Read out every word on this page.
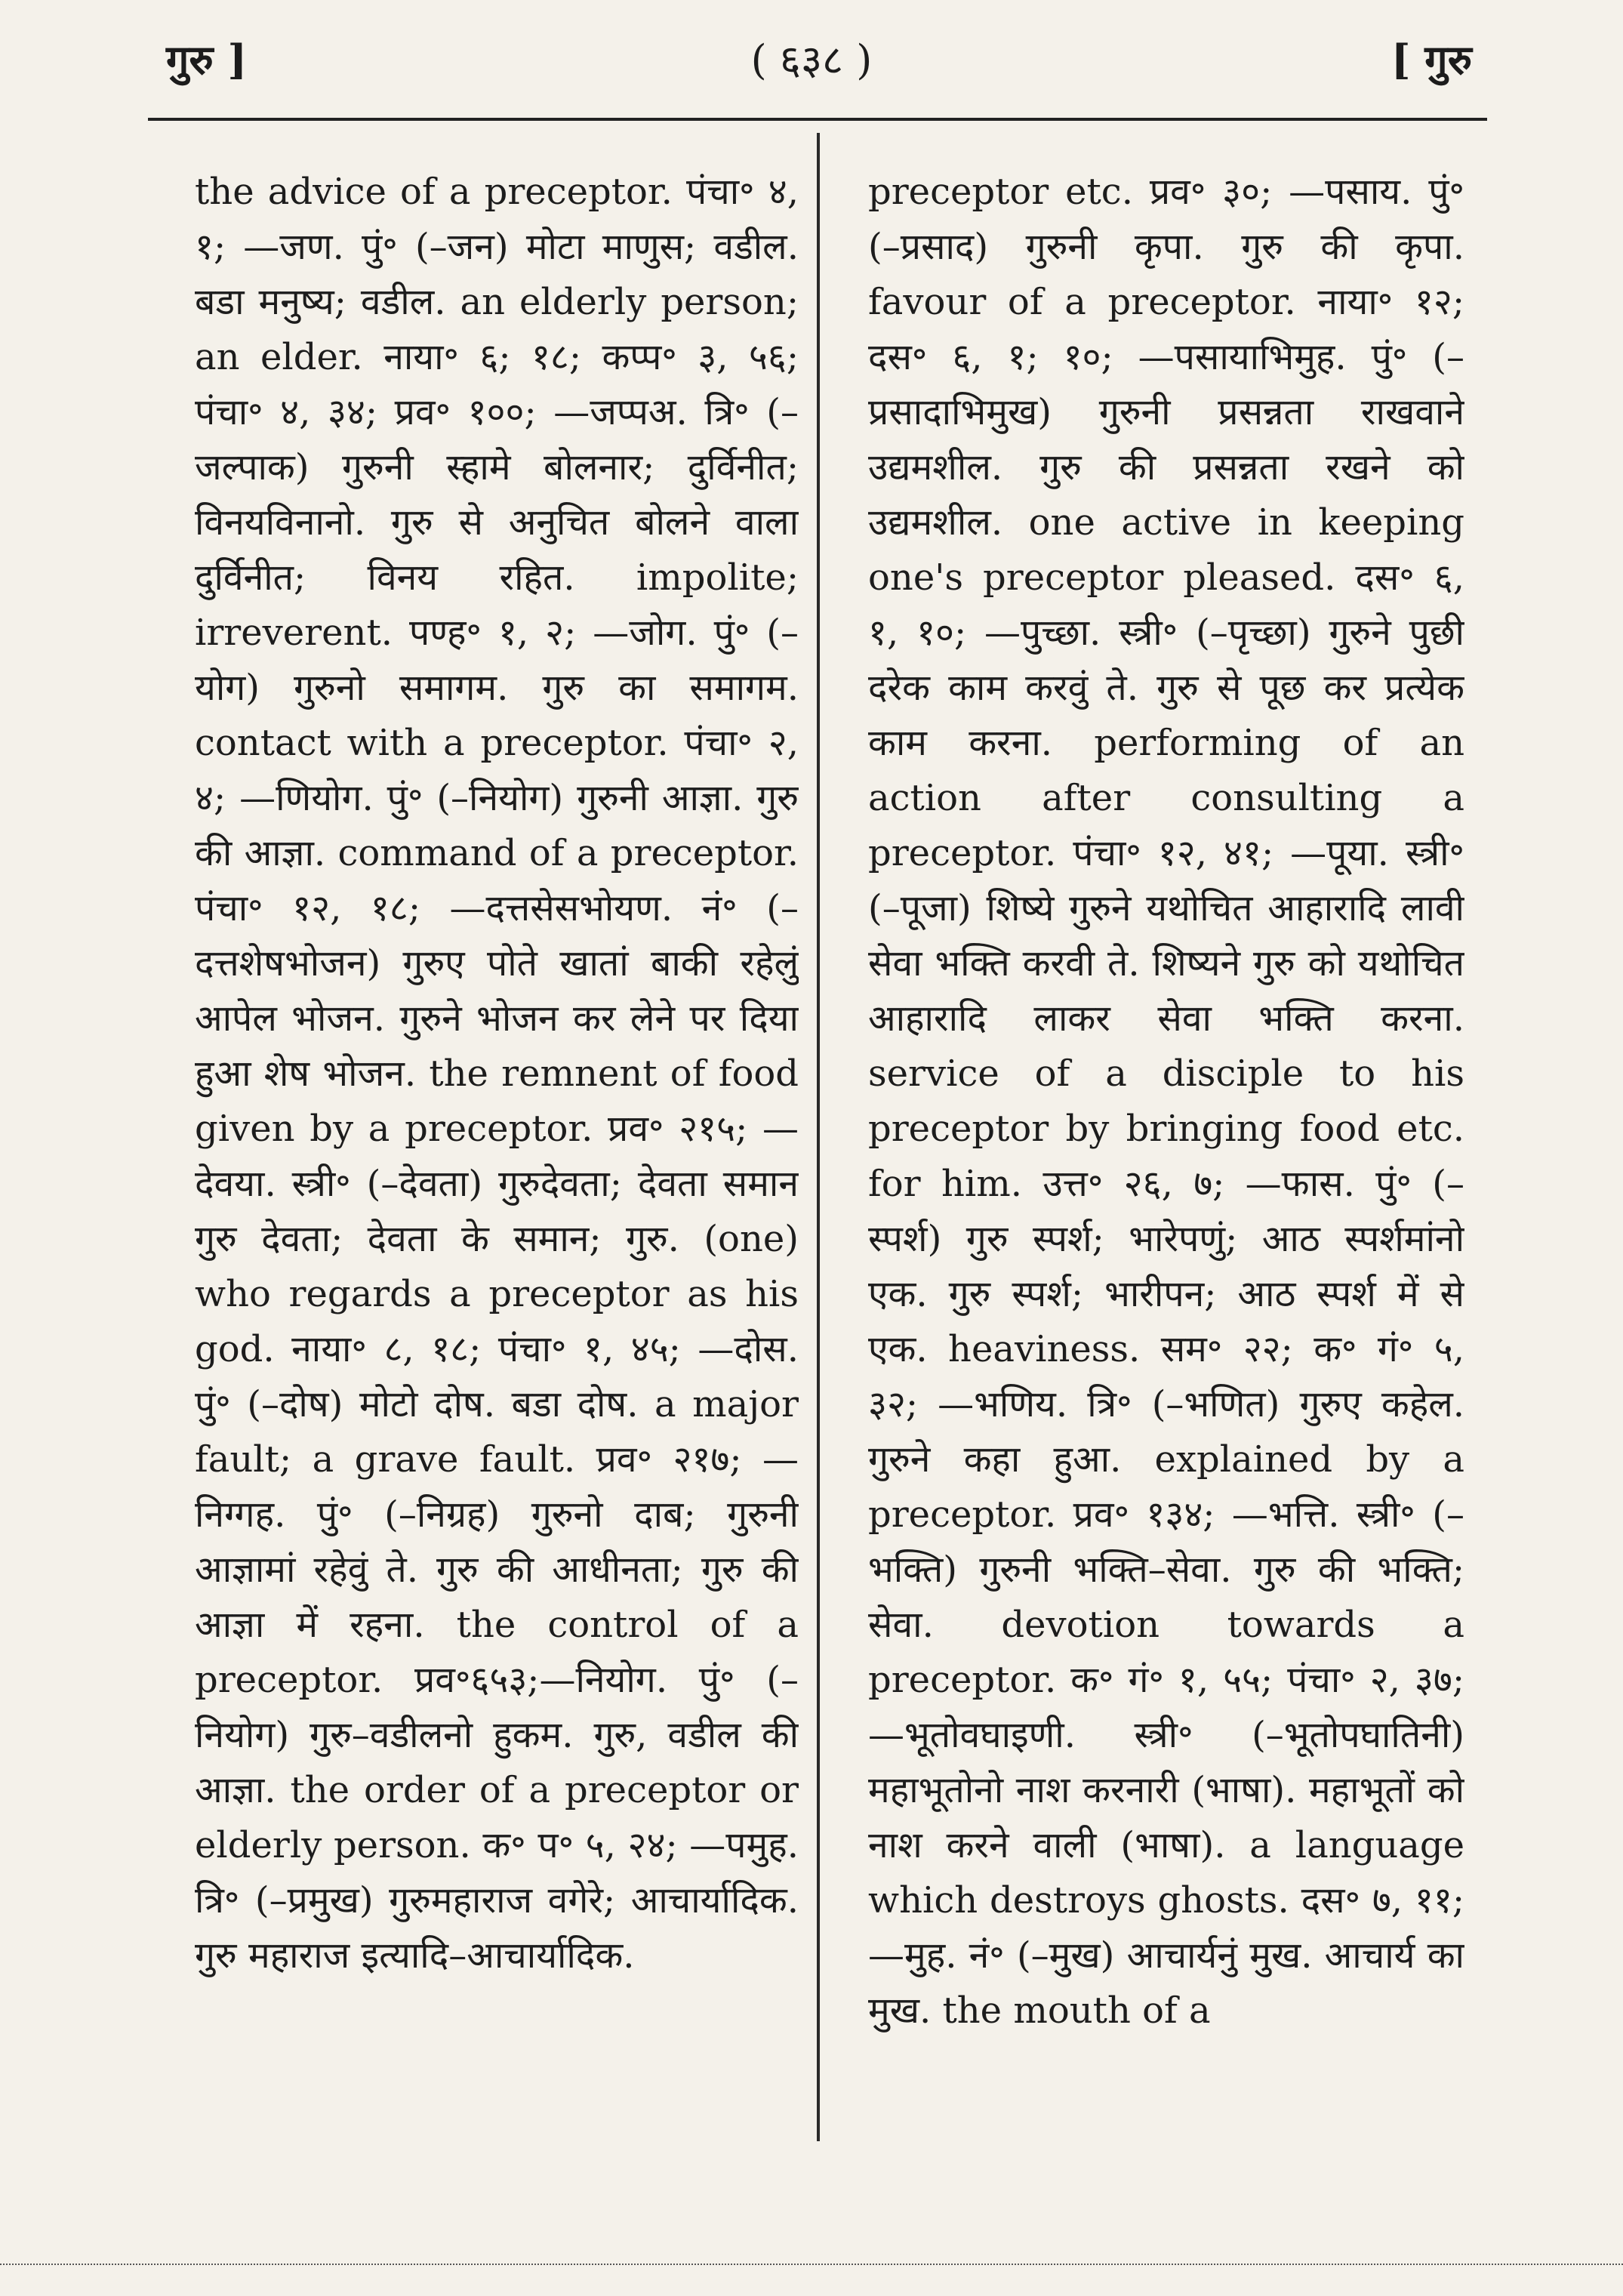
गुरु ]	( ६३८ )	[ गुरु

the advice of a preceptor. पंचा॰ ४, १; —जण. पुं॰ (–जन) मोटा माणुस; वडील. बडा मनुष्य; वडील. an elderly person; an elder. नाया॰ ६; १८; कप्प॰ ३, ५६; पंचा॰ ४, ३४; प्रव॰ १००; —जप्पअ. त्रि॰ (–जल्पाक) गुरुनी स्हामे बोलनार; दुर्विनीत; विनयविनानो. गुरु से अनुचित बोलने वाला दुर्विनीत; विनय रहित. impolite; irreverent. पण्ह॰ १, २; —जोग. पुं॰ (–योग) गुरुनो समागम. गुरु का समागम. contact with a preceptor. पंचा॰ २, ४; —णियोग. पुं॰ (–नियोग) गुरुनी आज्ञा. गुरु की आज्ञा. command of a preceptor. पंचा॰ १२, १८; —दत्तसेसभोयण. नं॰ (–दत्तशेषभोजन) गुरुए पोते खातां बाकी रहेलुं आपेल भोजन. गुरुने भोजन कर लेने पर दिया हुआ शेष भोजन. the remnent of food given by a preceptor. प्रव॰ २१५; —देवया. स्त्री॰ (–देवता) गुरुदेवता; देवता समान गुरु देवता; देवता के समान; गुरु. (one) who regards a preceptor as his god. नाया॰ ८, १८; पंचा॰ १, ४५; —दोस. पुं॰ (–दोष) मोटो दोष. बडा दोष. a major fault; a grave fault. प्रव॰ २१७; —निग्गह. पुं॰ (–निग्रह) गुरुनो दाब; गुरुनी आज्ञामां रहेवुं ते. गुरु की आधीनता; गुरु की आज्ञा में रहना. the control of a preceptor. प्रव॰६५३;—नियोग. पुं॰ (–नियोग) गुरु–वडीलनो हुकम. गुरु, वडील की आज्ञा. the order of a preceptor or elderly person. क॰ प॰ ५, २४; —पमुह. त्रि॰ (–प्रमुख) गुरुमहाराज वगेरे; आचार्यादिक. गुरु महाराज इत्यादि–आचार्यादिक.

preceptor etc. प्रव॰ ३०; —पसाय. पुं॰ (–प्रसाद) गुरुनी कृपा. गुरु की कृपा. favour of a preceptor. नाया॰ १२; दस॰ ६, १; १०; —पसायाभिमुह. पुं॰ (–प्रसादाभिमुख) गुरुनी प्रसन्नता राखवाने उद्यमशील. गुरु की प्रसन्नता रखने को उद्यमशील. one active in keeping one's preceptor pleased. दस॰ ६, १, १०; —पुच्छा. स्त्री॰ (–पृच्छा) गुरुने पुछी दरेक काम करवुं ते. गुरु से पूछ कर प्रत्येक काम करना. performing of an action after consulting a preceptor. पंचा॰ १२, ४१; —पूया. स्त्री॰ (–पूजा) शिष्ये गुरुने यथोचित आहारादि लावी सेवा भक्ति करवी ते. शिष्यने गुरु को यथोचित आहारादि लाकर सेवा भक्ति करना. service of a disciple to his preceptor by bringing food etc. for him. उत्त॰ २६, ७; —फास. पुं॰ (–स्पर्श) गुरु स्पर्श; भारेपणुं; आठ स्पर्शमांनो एक. गुरु स्पर्श; भारीपन; आठ स्पर्श में से एक. heaviness. सम॰ २२; क॰ गं॰ ५, ३२; —भणिय. त्रि॰ (–भणित) गुरुए कहेल. गुरुने कहा हुआ. explained by a preceptor. प्रव॰ १३४; —भत्ति. स्त्री॰ (–भक्ति) गुरुनी भक्ति–सेवा. गुरु की भक्ति; सेवा. devotion towards a preceptor. क॰ गं॰ १, ५५; पंचा॰ २, ३७; —भूतोवघाइणी. स्त्री॰ (–भूतोपघातिनी) महाभूतोनो नाश करनारी (भाषा). महाभूतों को नाश करने वाली (भाषा). a language which destroys ghosts. दस॰ ७, ११; —मुह. नं॰ (–मुख) आचार्यनुं मुख. आचार्य का मुख. the mouth of a
